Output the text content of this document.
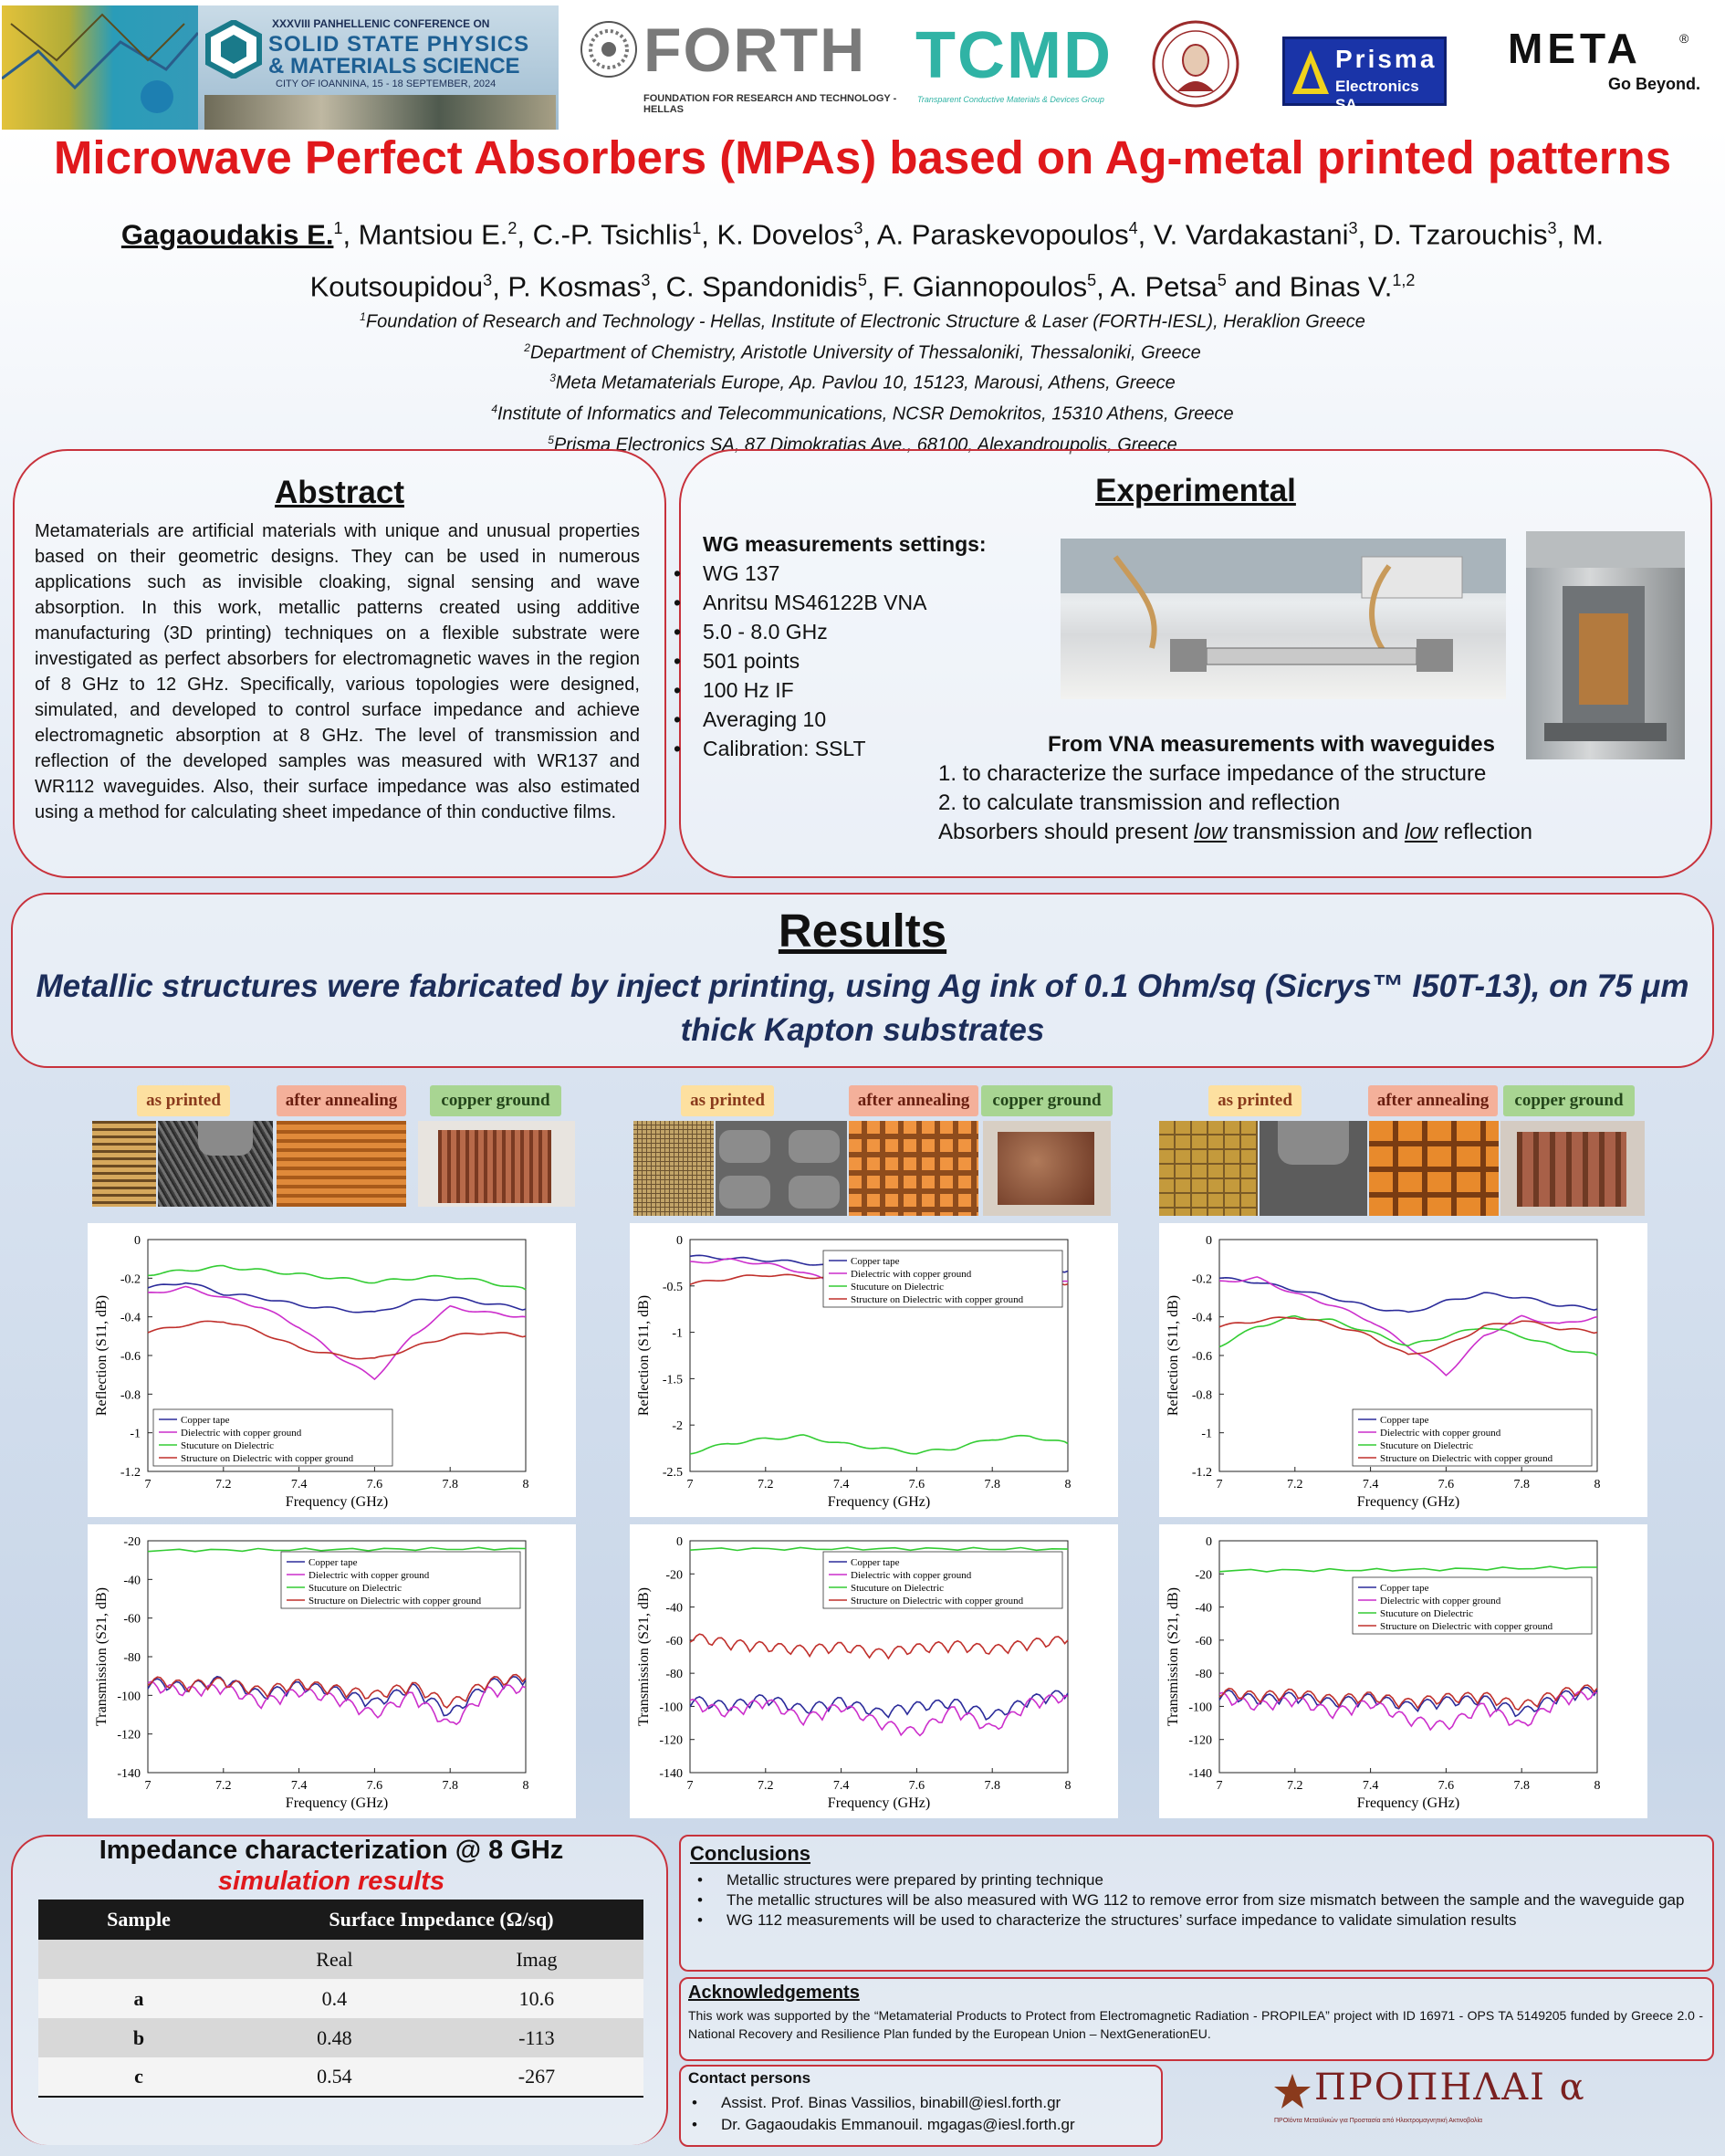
XXXVIII PANHELLENIC CONFERENCE ON
SOLID STATE PHYSICS
& MATERIALS SCIENCE
CITY OF IOANNINA, 15 - 18 SEPTEMBER, 2024 FORTH
FOUNDATION FOR RESEARCH AND TECHNOLOGY - HELLAS
TCMD
Transparent Conductive Materials & Devices Group
Prisma
Electronics SA
META	®
Go Beyond.
Microwave Perfect Absorbers (MPAs) based on Ag-metal printed patterns
Gagaoudakis E.$^1$, Mantsiou E.$^2$, C.-P. Tsichlis$^1$, K. Dovelos$^3$, A. Paraskevopoulos$^4$, V. Vardakastani$^3$, D. Tzarouchis$^3$, M. Koutsoupidou$^3$, P. Kosmas$^3$, C. Spandonidis$^5$, F. Giannopoulos$^5$, A. Petsa$^5$ and Binas V.$^{1,2}$
$^1$Foundation of Research and Technology - Hellas, Institute of Electronic Structure & Laser (FORTH-IESL), Heraklion Greece
$^2$Department of Chemistry, Aristotle University of Thessaloniki, Thessaloniki, Greece
$^3$Meta Metamaterials Europe, Ap. Pavlou 10, 15123, Marousi, Athens, Greece
$^4$Institute of Informatics and Telecommunications, NCSR Demokritos, 15310 Athens, Greece
$^5$Prisma Electronics SA, 87 Dimokratias Ave., 68100, Alexandroupolis, Greece
Abstract
Metamaterials are artificial materials with unique and unusual properties based on their geometric designs. They can be used in numerous applications such as invisible cloaking, signal sensing and wave absorption. In this work, metallic patterns created using additive manufacturing (3D printing) techniques on a flexible substrate were investigated as perfect absorbers for electromagnetic waves in the region of 8 GHz to 12 GHz. Specifically, various topologies were designed, simulated, and developed to control surface impedance and achieve electromagnetic absorption at 8 GHz. The level of transmission and reflection of the developed samples was measured with WR137 and WR112 waveguides. Also, their surface impedance was also estimated using a method for calculating sheet impedance of thin conductive films.
Experimental
WG measurements settings:
• WG 137
• Anritsu MS46122B VNA
• 5.0 - 8.0 GHz
• 501 points
• 100 Hz IF
• Averaging 10
• Calibration: SSLT	From VNA measurements with waveguides
1. to characterize the surface impedance of the structure
2. to calculate transmission and reflection
Absorbers should present low transmission and low reflection
Results
Metallic structures were fabricated by inject printing, using Ag ink of 0.1 Ohm/sq (Sicrys™ I50T-13), on 75 μm thick Kapton substrates
as printed	after annealing	copper ground	as printed	after annealing	copper ground	as printed	after annealing	copper ground
7	7.2	7.4	7.6	7.8	8
0
-0.2
-0.4
-0.6
-0.8
-1
-1.2
Frequency (GHz)
Reflection (S11, dB)
Copper tape
Dielectric with copper ground
Stucuture on Dielectric
Structure on Dielectric with copper ground
7	7.2	7.4	7.6	7.8	8
-20
-40
-60
-80
-100
-120
-140
Frequency (GHz)
Transmission (S21, dB)
Copper tape
Dielectric with copper ground
Stucuture on Dielectric
Structure on Dielectric with copper ground
7	7.2	7.4	7.6	7.8	8
0
-0.5
-1
-1.5
-2
-2.5
Frequency (GHz)
Reflection (S11, dB)
Copper tape
Dielectric with copper ground
Stucuture on Dielectric
Structure on Dielectric with copper ground
7	7.2	7.4	7.6	7.8	8
0
-20
-40
-60
-80
-100
-120
-140
Frequency (GHz)
Transmission (S21, dB)
Copper tape
Dielectric with copper ground
Stucuture on Dielectric
Structure on Dielectric with copper ground
7	7.2	7.4	7.6	7.8	8
0
-0.2
-0.4
-0.6
-0.8
-1
-1.2
Frequency (GHz)
Reflection (S11, dB)
Copper tape
Dielectric with copper ground
Stucuture on Dielectric
Structure on Dielectric with copper ground
7	7.2	7.4	7.6	7.8	8
0
-20
-40
-60
-80
-100
-120
-140
Frequency (GHz)
Transmission (S21, dB)	Copper tape
Dielectric with copper ground
Stucuture on Dielectric
Structure on Dielectric with copper ground
Impedance characterization @ 8 GHz
simulation results
Sample	Surface Impedance (Ω/sq)	
	Real	Imag
a	0.4	10.6
b	0.48	-113
c	0.54	-267
Conclusions
• Metallic structures were prepared by printing technique
• The metallic structures will be also measured with WG 112 to remove error from size mismatch between the sample and the waveguide gap
• WG 112 measurements will be used to characterize the structures’ surface impedance to validate simulation results
Acknowledgements
This work was supported by the “Metamaterial Products to Protect from Electromagnetic Radiation - PROPILEA” project with ID 16971 - OPS TA 5149205 funded by Greece 2.0 - National Recovery and Resilience Plan funded by the European Union – NextGenerationEU.
Contact persons
• Assist. Prof. Binas Vassilios, binabill@iesl.forth.gr
• Dr. Gagaoudakis Emmanouil. mgagas@iesl.forth.gr
ΠΡΟΠΗΛΑΙ α
ΠΡΟϊόντα Μεταϋλικών για Προστασία από Ηλεκτρομαγνητική Ακτινοβολία
